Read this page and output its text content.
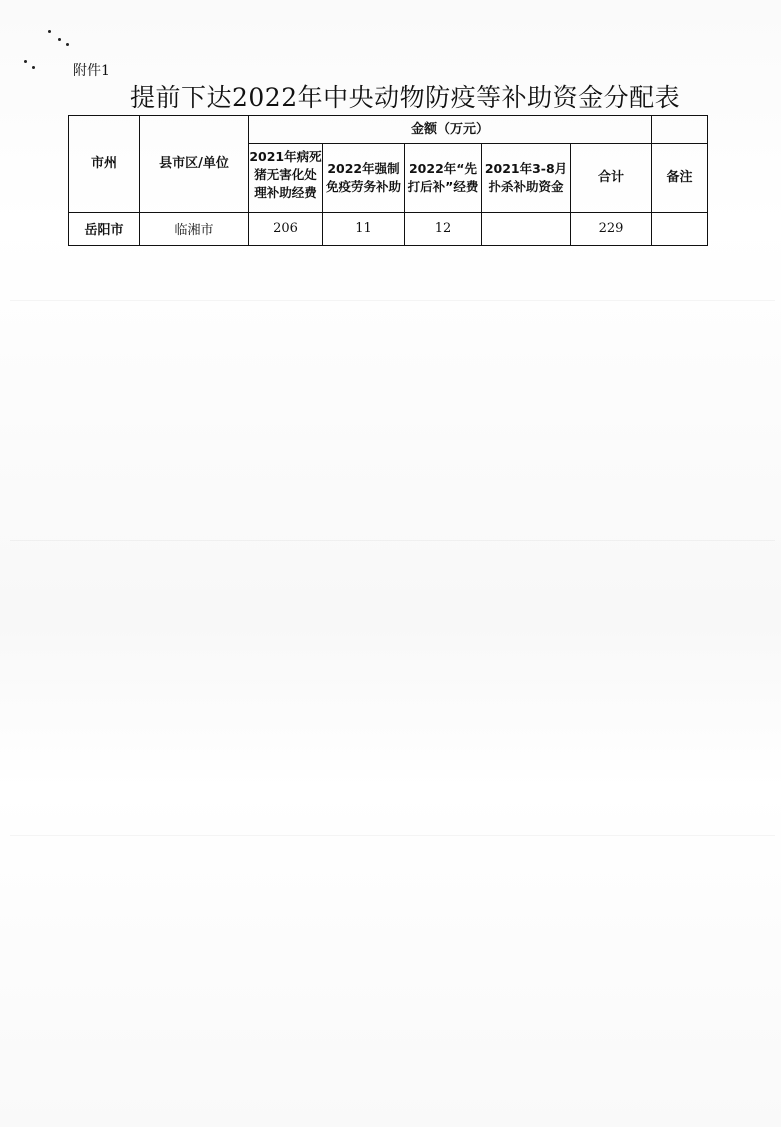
附件1
提前下达2022年中央动物防疫等补助资金分配表
市州	县市区/单位	金额（万元）					

		2021年病死猪无害化处理补助经费	2022年强制免疫劳务补助	2022年“先打后补”经费	2021年3-8月扑杀补助资金	合计	备注
岳阳市	临湘市	206	11	12		229	
